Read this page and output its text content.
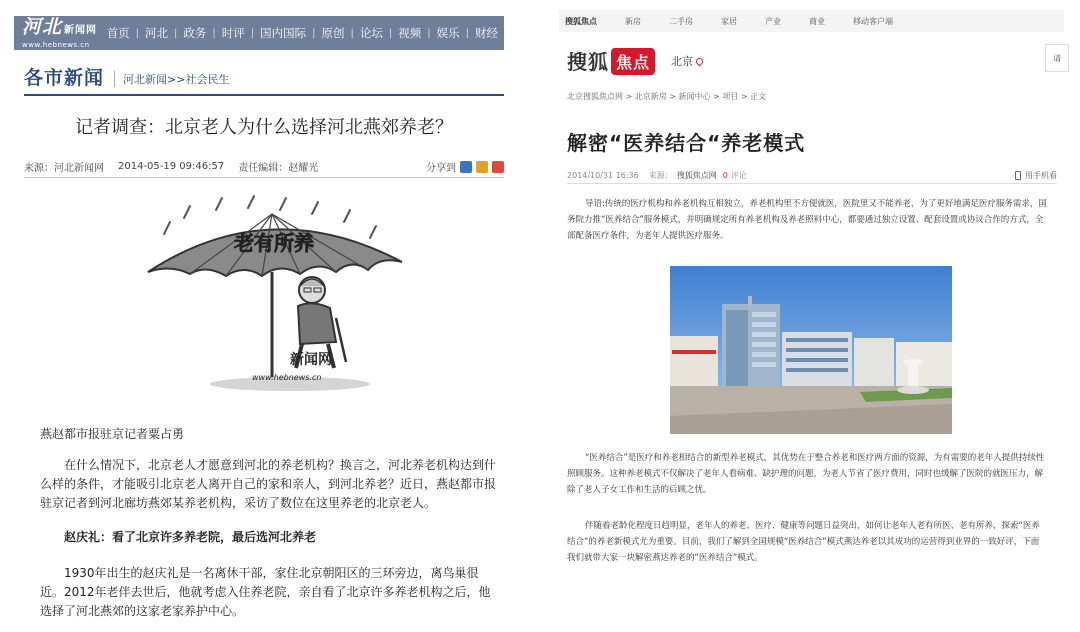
河北 新闻网
www.hebnews.cn
首页 | 河北 | 政务 | 时评 | 国内国际 | 原创 | 论坛 | 视频 | 娱乐 | 财经
各市新闻	河北新闻>>社会民生
记者调查：北京老人为什么选择河北燕郊养老？
来源：河北新闻网 2014-05-19 09:46:57 责任编辑：赵耀光	分享到
老有所养
新闻网
www.hebnews.cn
燕赵都市报驻京记者粟占勇
在什么情况下，北京老人才愿意到河北的养老机构？换言之，河北养老机构达到什么样的条件，才能吸引北京老人离开自己的家和亲人，到河北养老？近日，燕赵都市报驻京记者到河北廊坊燕郊某养老机构，采访了数位在这里养老的北京老人。
赵庆礼：看了北京许多养老院，最后选河北养老
1930年出生的赵庆礼是一名离休干部，家住北京朝阳区的三环旁边，离鸟巢很近。2012年老伴去世后，他就考虑入住养老院，亲自看了北京许多养老机构之后，他选择了河北燕郊的这家老家养护中心。
搜狐焦点	新房	二手房	家居	产业	商业	移动客户端
搜狐 焦点	北京	请
北京搜狐焦点网 > 北京新房 > 新闻中心 > 项目 > 正文
解密“医养结合“养老模式
2014/10/31 16:36 来源： 搜狐焦点网 0 评论	用手机看
导语:传统的医疗机构和养老机构互相独立，养老机构里不方便就医，医院里又不能养老，为了更好地满足医疗服务需求，国务院力推“医养结合”服务模式，并明确规定所有养老机构及养老照料中心，都要通过独立设置、配套设置或协议合作的方式，全部配备医疗条件，为老年人提供医疗服务。
“医养结合”是医疗和养老相结合的新型养老模式，其优势在于整合养老和医疗两方面的资源，为有需要的老年人提供持续性照顾服务。这种养老模式不仅解决了老年人看病难、缺护理的问题，为老人节省了医疗费用，同时也缓解了医院的就医压力，解除了老人子女工作和生活的后顾之忧。
伴随着老龄化程度日趋明显，老年人的养老、医疗、健康等问题日益突出，如何让老年人老有所医、老有所养，探索“医养结合”的养老新模式尤为重要。目前，我们了解到全国规模“医养结合”模式燕达养老以其成功的运营得到业界的一致好评，下面我们就带大家一块解密燕达养老的“医养结合”模式。
